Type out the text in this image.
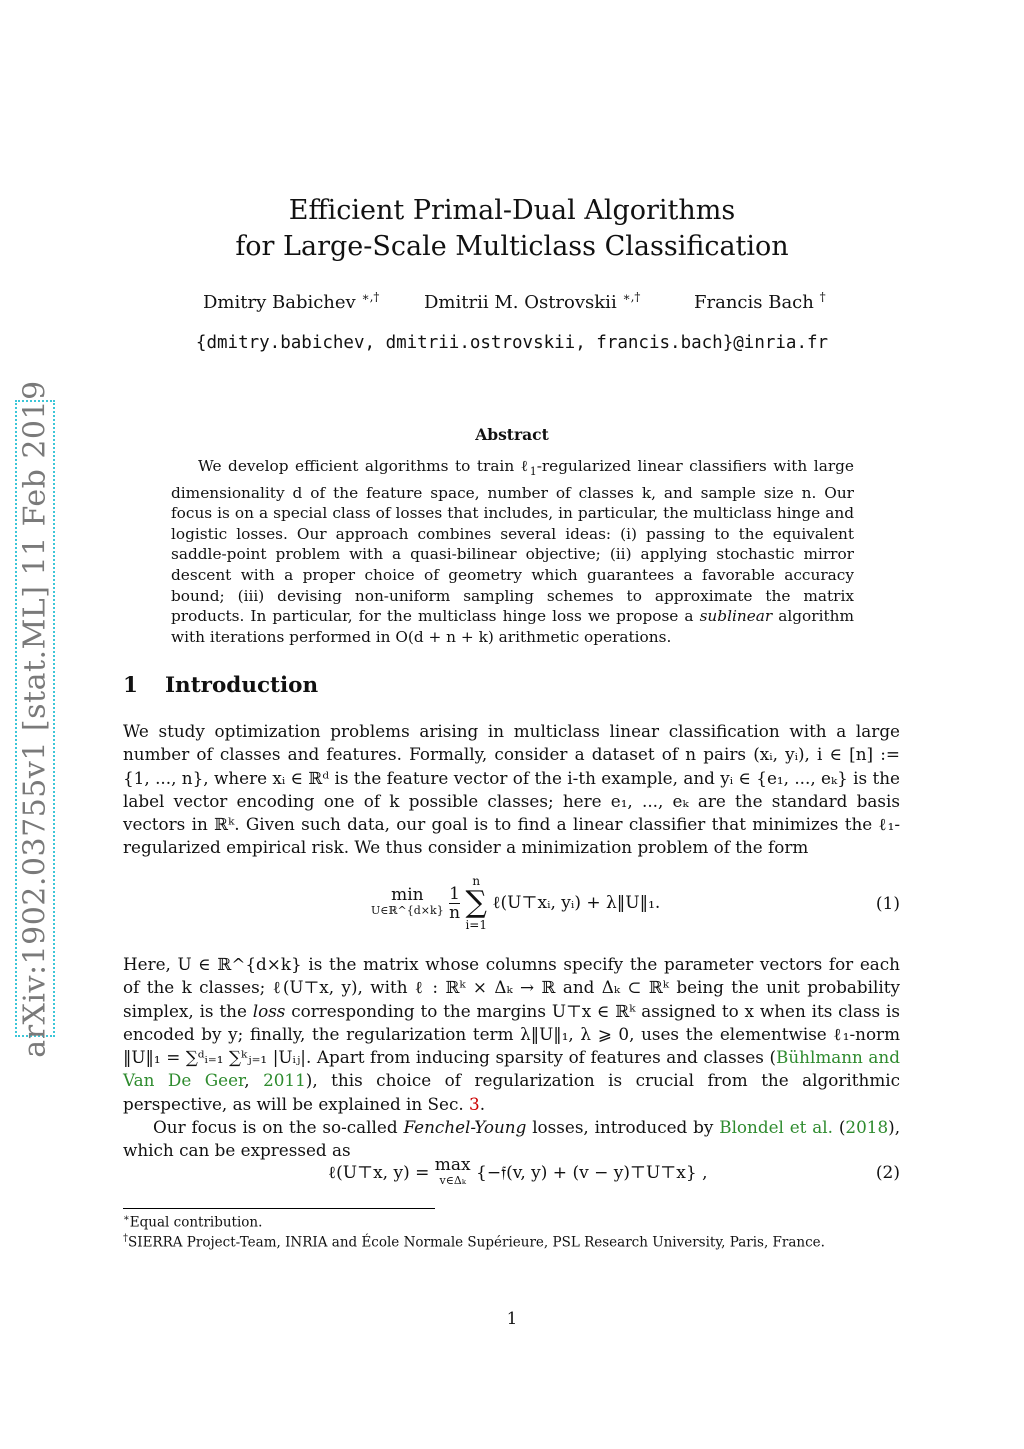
arXiv:1902.03755v1 [stat.ML] 11 Feb 2019
Efficient Primal-Dual Algorithms
for Large-Scale Multiclass Classification
Dmitry Babichev ∗,† Dmitrii M. Ostrovskii ∗,†	Francis Bach †
{dmitry.babichev, dmitrii.ostrovskii, francis.bach}@inria.fr
Abstract

We develop efficient algorithms to train ℓ$_1$-regularized linear classifiers with large dimensionality d of the feature space, number of classes k, and sample size n. Our focus is on a special class of losses that includes, in particular, the multiclass hinge and logistic losses. Our approach combines several ideas: (i) passing to the equivalent saddle-point problem with a quasi-bilinear objective; (ii) applying stochastic mirror descent with a proper choice of geometry which guarantees a favorable accuracy bound; (iii) devising non-uniform sampling schemes to approximate the matrix products. In particular, for the multiclass hinge loss we propose a sublinear algorithm with iterations performed in O(d + n + k) arithmetic operations.

1 Introduction

We study optimization problems arising in multiclass linear classification with a large number of classes and features. Formally, consider a dataset of n pairs (xᵢ, yᵢ), i ∈ [n] := {1, ..., n}, where xᵢ ∈ ℝᵈ is the feature vector of the i-th example, and yᵢ ∈ {e₁, ..., eₖ} is the label vector encoding one of k possible classes; here e₁, ..., eₖ are the standard basis vectors in ℝᵏ. Given such data, our goal is to find a linear classifier that minimizes the ℓ₁-regularized empirical risk. We thus consider a minimization problem of the form

min
U∈ℝ^{d×k}
$\frac{1}{n}$

n
∑
i=1
ℓ(U⊤xᵢ, yᵢ) + λ‖U‖₁.	(1)

Here, U ∈ ℝ^{d×k} is the matrix whose columns specify the parameter vectors for each of the k classes; ℓ(U⊤x, y), with ℓ : ℝᵏ × Δₖ → ℝ and Δₖ ⊂ ℝᵏ being the unit probability simplex, is the loss corresponding to the margins U⊤x ∈ ℝᵏ assigned to x when its class is encoded by y; finally, the regularization term λ‖U‖₁, λ ⩾ 0, uses the elementwise ℓ₁-norm ‖U‖₁ = ∑ᵈᵢ₌₁ ∑ᵏⱼ₌₁ |Uᵢⱼ|. Apart from inducing sparsity of features and classes (Bühlmann and Van De Geer, 2011), this choice of regularization is crucial from the algorithmic perspective, as will be explained in Sec. 3.

Our focus is on the so-called Fenchel-Young losses, introduced by Blondel et al. (2018), which can be expressed as

ℓ(U⊤x, y) = max
v∈Δₖ {−𝔣(v, y) + (v − y)⊤U⊤x} ,	(2)
∗Equal contribution.
†SIERRA Project-Team, INRIA and École Normale Supérieure, PSL Research University, Paris, France.
1
